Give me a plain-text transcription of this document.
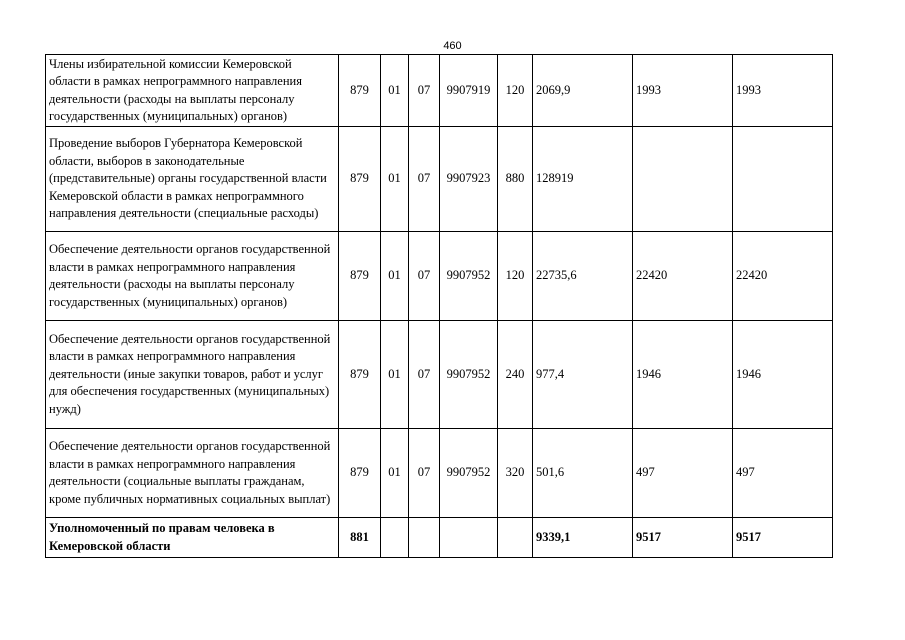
460
Члены избирательной комиссии Кемеровской области в рамках непрограммного направления деятельности (расходы на выплаты персоналу государственных (муниципальных) органов)	879	01	07	9907919	120	2069,9	1993	1993
Проведение выборов Губернатора Кемеровской области, выборов в законодательные (представительные) органы государственной власти Кемеровской области в рамках непрограммного направления деятельности (специальные расходы)	879	01	07	9907923	880	128919		
Обеспечение деятельности органов государственной власти в рамках непрограммного направления деятельности (расходы на выплаты персоналу государственных (муниципальных) органов)	879	01	07	9907952	120	22735,6	22420	22420
Обеспечение деятельности органов государственной власти в рамках непрограммного направления деятельности (иные закупки товаров, работ и услуг для обеспечения государственных (муниципальных) нужд)	879	01	07	9907952	240	977,4	1946	1946
Обеспечение деятельности органов государственной власти в рамках непрограммного направления деятельности (социальные выплаты гражданам, кроме публичных нормативных социальных выплат)	879	01	07	9907952	320	501,6	497	497
Уполномоченный по правам человека в Кемеровской области	881					9339,1	9517	9517
